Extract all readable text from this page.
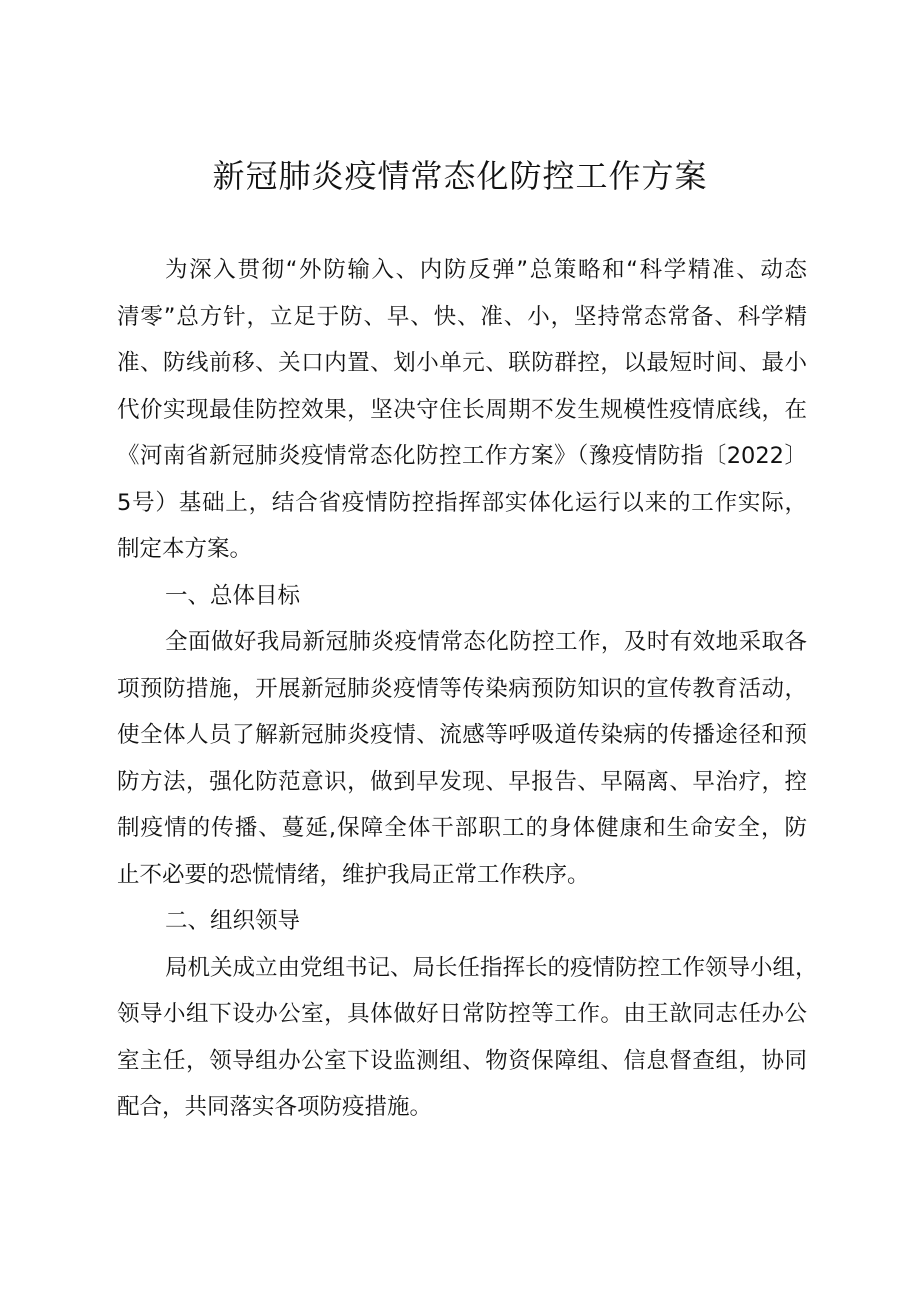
新冠肺炎疫情常态化防控工作方案
为深入贯彻“外防输入、内防反弹”总策略和“科学精准、动态
清零”总方针，立足于防、早、快、准、小，坚持常态常备、科学精
准、防线前移、关口内置、划小单元、联防群控，以最短时间、最小
代价实现最佳防控效果，坚决守住长周期不发生规模性疫情底线，在
《河南省新冠肺炎疫情常态化防控工作方案》（豫疫情防指〔2022〕
5号）基础上，结合省疫情防控指挥部实体化运行以来的工作实际，
制定本方案。
一、总体目标
全面做好我局新冠肺炎疫情常态化防控工作，及时有效地采取各
项预防措施，开展新冠肺炎疫情等传染病预防知识的宣传教育活动，
使全体人员了解新冠肺炎疫情、流感等呼吸道传染病的传播途径和预
防方法，强化防范意识，做到早发现、早报告、早隔离、早治疗，控
制疫情的传播、蔓延,保障全体干部职工的身体健康和生命安全，防
止不必要的恐慌情绪，维护我局正常工作秩序。
二、组织领导
局机关成立由党组书记、局长任指挥长的疫情防控工作领导小组，
领导小组下设办公室，具体做好日常防控等工作。由王歆同志任办公
室主任，领导组办公室下设监测组、物资保障组、信息督查组，协同
配合，共同落实各项防疫措施。
